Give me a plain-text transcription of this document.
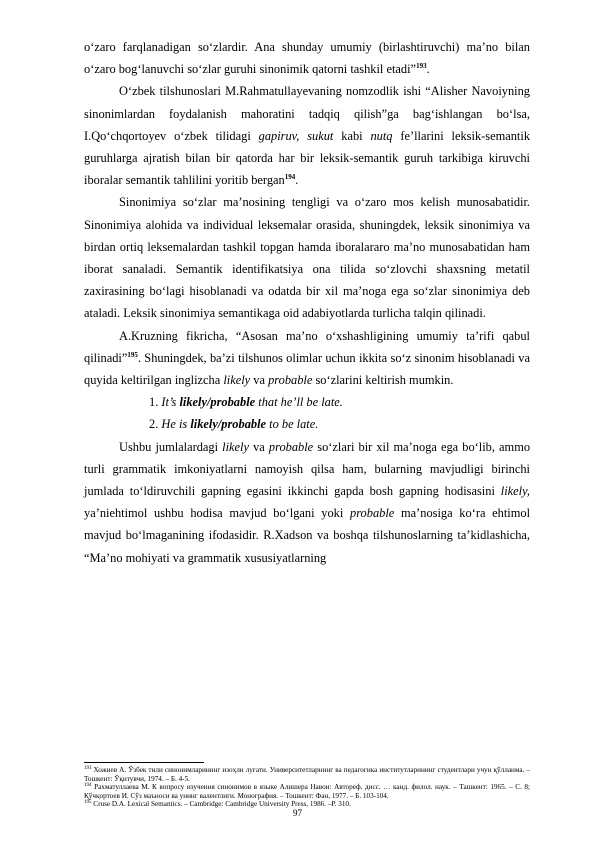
o‘zaro farqlanadigan so‘zlardir. Ana shunday umumiy (birlashtiruvchi) ma’no bilan o‘zaro bog‘lanuvchi so‘zlar guruhi sinonimik qatorni tashkil etadi”$^{193}$.

O‘zbek tilshunoslari M.Rahmatullayevaning nomzodlik ishi “Alisher Navoiyning sinonimlardan foydalanish mahoratini tadqiq qilish”ga bag‘ishlangan bo‘lsa, I.Qo‘chqortoyev o‘zbek tilidagi gapiruv, sukut kabi nutq fe’llarini leksik-semantik guruhlarga ajratish bilan bir qatorda har bir leksik-semantik guruh tarkibiga kiruvchi iboralar semantik tahlilini yoritib bergan$^{194}$.

Sinonimiya so‘zlar ma’nosining tengligi va o‘zaro mos kelish munosabatidir. Sinonimiya alohida va individual leksemalar orasida, shuningdek, leksik sinonimiya va birdan ortiq leksemalardan tashkil topgan hamda iboralararo ma’no munosabatidan ham iborat sanaladi. Semantik identifikatsiya ona tilida so‘zlovchi shaxsning metatil zaxirasining bo‘lagi hisoblanadi va odatda bir xil ma’noga ega so‘zlar sinonimiya deb ataladi. Leksik sinonimiya semantikaga oid adabiyotlarda turlicha talqin qilinadi.

A.Kruzning fikricha, “Asosan ma’no o‘xshashligining umumiy ta’rifi qabul qilinadi”$^{195}$. Shuningdek, ba’zi tilshunos olimlar uchun ikkita so‘z sinonim hisoblanadi va quyida keltirilgan inglizcha likely va probable so‘zlarini keltirish mumkin.

1. It’s likely/probable that he’ll be late.

2. He is likely/probable to be late.

Ushbu jumlalardagi likely va probable so‘zlari bir xil ma’noga ega bo‘lib, ammo turli grammatik imkoniyatlarni namoyish qilsa ham, bularning mavjudligi birinchi jumlada to‘ldiruvchili gapning egasini ikkinchi gapda bosh gapning hodisasini likely, ya’niehtimol ushbu hodisa mavjud bo‘lgani yoki probable ma’nosiga ko‘ra ehtimol mavjud bo‘lmaganining ifodasidir. R.Xadson va boshqa tilshunoslarning ta’kidlashicha, “Ma’no mohiyati va grammatik xususiyatlarning

$^{193}$ Хожиев А. Ўзбек тили синонимларининг изоҳли луғати. Университетларнинг ва педагогика институтларининг студентлари учун қўлланма. – Тошкент: Ўқитувчи, 1974. – Б. 4-5.

$^{194}$ Рахматуллаева М. К вопросу изучения синонимов в языке Алишера Навои: Автореф. дисс. … канд. филол. наук. – Ташкент: 1965. – С. 8; Қўчқортоев И. Сўз маъноси ва унинг валентлиги. Монография. – Тошкент: Фан, 1977. – Б. 103-104.

$^{195}$ Cruse D.A. Lexical Semantics. – Cambridge: Cambridge University Press, 1986. –P. 310.

97
